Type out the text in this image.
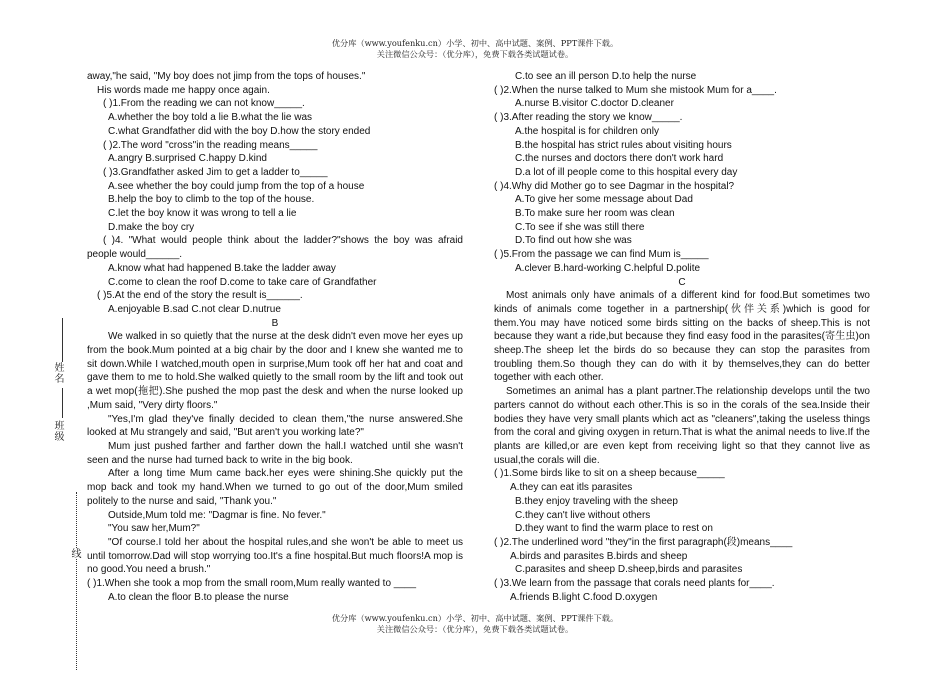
优分库（www.youfenku.cn）小学、初中、高中试题、案例、PPT课件下载。
关注微信公众号：（优分库），免费下载各类试题试卷。
姓名
班级
线

away,"he said, "My boy does not jimp from the tops of houses."

His words made me happy once again.

( )1.From the reading we can not know_____.

A.whether the boy told a lie B.what the lie was

C.what Grandfather did with the boy D.how the story ended

( )2.The word "cross"in the reading means_____

A.angry B.surprised C.happy D.kind

( )3.Grandfather asked Jim to get a ladder to_____

A.see whether the boy could jump from the top of a house

B.help the boy to climb to the top of the house.

C.let the boy know it was wrong to tell a lie

D.make the boy cry

( )4. "What would people think about the ladder?"shows the boy was afraid people would______.

A.know what had happened B.take the ladder away

C.come to clean the roof D.come to take care of Grandfather

( )5.At the end of the story the result is______.

A.enjoyable B.sad C.not clear D.nutrue

B

We walked in so quietly that the nurse at the desk didn't even move her eyes up from the book.Mum pointed at a big chair by the door and I knew she wanted me to sit down.While I watched,mouth open in surprise,Mum took off her hat and coat and gave them to me to hold.She walked quietly to the small room by the lift and took out a wet mop(拖把).She pushed the mop past the desk and when the nurse looked up ,Mum said, "Very dirty floors."

"Yes,I'm glad they've finally decided to clean them,"the nurse answered.She looked at Mu strangely and said, "But aren't you working late?"

Mum just pushed farther and farther down the hall.I watched until she wasn't seen and the nurse had turned back to write in the big book.

After a long time Mum came back.her eyes were shining.She quickly put the mop back and took my hand.When we turned to go out of the door,Mum smiled politely to the nurse and said, "Thank you."

Outside,Mum told me: "Dagmar is fine. No fever."

"You saw her,Mum?"

"Of course.I told her about the hospital rules,and she won't be able to meet us until tomorrow.Dad will stop worrying too.It's a fine hospital.But much floors!A mop is no good.You need a brush."

( )1.When she took a mop from the small room,Mum really wanted to ____

A.to clean the floor B.to please the nurse

C.to see an ill person D.to help the nurse

( )2.When the nurse talked to Mum she mistook Mum for a____.

A.nurse B.visitor C.doctor D.cleaner

( )3.After reading the story we know_____.

A.the hospital is for children only

B.the hospital has strict rules about visiting hours

C.the nurses and doctors there don't work hard

D.a lot of ill people come to this hospital every day

( )4.Why did Mother go to see Dagmar in the hospital?

A.To give her some message about Dad

B.To make sure her room was clean

C.To see if she was still there

D.To find out how she was

( )5.From the passage we can find Mum is_____

A.clever B.hard-working C.helpful D.polite

C

Most animals only have animals of a different kind for food.But sometimes two kinds of animals come together in a partnership(伙伴关系)which is good for them.You may have noticed some birds sitting on the backs of sheep.This is not because they want a ride,but because they find easy food in the parasites(寄生虫)on sheep.The sheep let the birds do so because they can stop the parasites from troubling them.So though they can do with it by themselves,they can do better together with each other.

Sometimes an animal has a plant partner.The relationship develops until the two parters cannot do without each other.This is so in the corals of the sea.Inside their bodies they have very small plants which act as "cleaners",taking the useless things from the coral and giving oxygen in return.That is what the animal needs to live.If the plants are killed,or are even kept from receiving light so that they cannot live as usual,the corals will die.

( )1.Some birds like to sit on a sheep because_____

A.they can eat itls parasites

B.they enjoy traveling with the sheep

C.they can't live without others

D.they want to find the warm place to rest on

( )2.The underlined word "they"in the first paragraph(段)means____

A.birds and parasites B.birds and sheep

C.parasites and sheep D.sheep,birds and parasites

( )3.We learn from the passage that corals need plants for____.

A.friends B.light C.food D.oxygen

优分库（www.youfenku.cn）小学、初中、高中试题、案例、PPT课件下载。
关注微信公众号：（优分库），免费下载各类试题试卷。
